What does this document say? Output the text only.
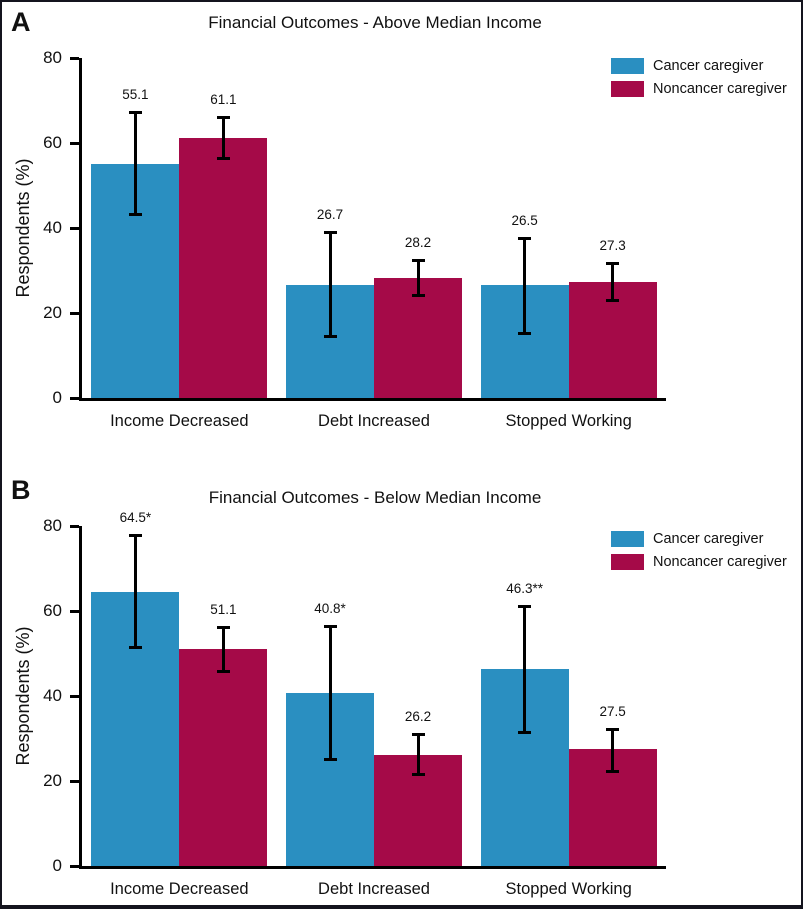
A	Financial Outcomes - Above Median Income
Respondents (%)
0
20
40
60
80
Income Decreased
55.1	61.1
Debt Increased
26.7
28.2
Stopped Working
26.5
27.3
Cancer caregiver
Noncancer caregiver
B	Financial Outcomes - Below Median Income
Respondents (%)
0
20
40
60
80
Income Decreased
64.5*
51.1
Debt Increased
40.8*
26.2
Stopped Working
46.3**
27.5
Cancer caregiver
Noncancer caregiver
